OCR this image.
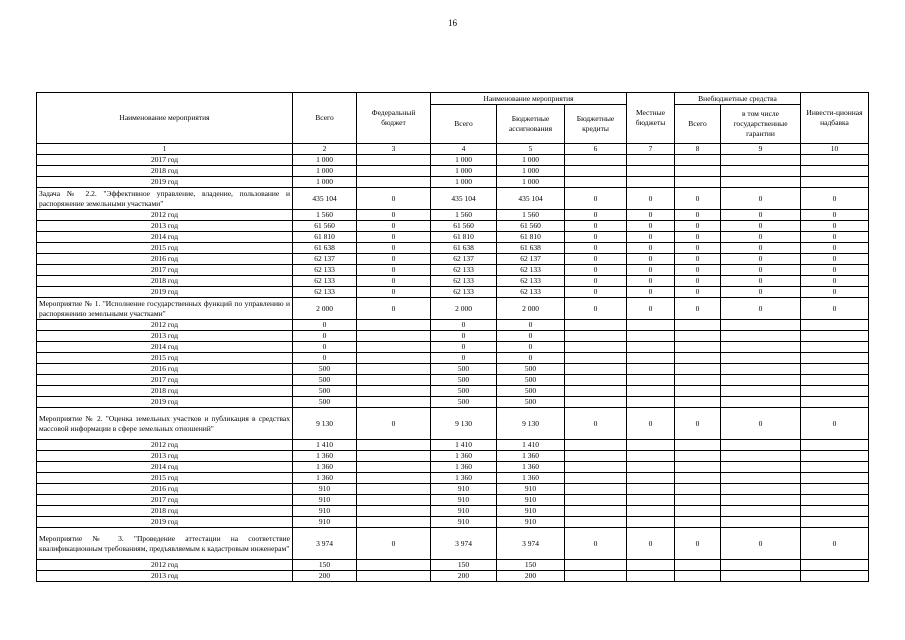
16
Наименование мероприятия	Всего	Федеральный бюджет	Наименование мероприятия			Местные бюджеты	Внебюджетные средства		Инвести-ционная надбавка
			Всего	Бюджетные ассигнования	Бюджетные кредиты		Всего	в том числе государственные гарантии	
1	2	3	4	5	6	7	8	9	10
2017 год	1 000		1 000	1 000					
2018 год	1 000		1 000	1 000					
2019 год	1 000		1 000	1 000					
Задача № 2.2. "Эффективное управление, владение, пользование и распоряжение земельными участками"	435 104	0	435 104	435 104	0	0	0	0	0
2012 год	1 560	0	1 560	1 560	0	0	0	0	0
2013 год	61 560	0	61 560	61 560	0	0	0	0	0
2014 год	61 810	0	61 810	61 810	0	0	0	0	0
2015 год	61 638	0	61 638	61 638	0	0	0	0	0
2016 год	62 137	0	62 137	62 137	0	0	0	0	0
2017 год	62 133	0	62 133	62 133	0	0	0	0	0
2018 год	62 133	0	62 133	62 133	0	0	0	0	0
2019 год	62 133	0	62 133	62 133	0	0	0	0	0
Мероприятие № 1. "Исполнение государственных функций по управлению и распоряжению земельными участками"	2 000	0	2 000	2 000	0	0	0	0	0
2012 год	0		0	0					
2013 год	0		0	0					
2014 год	0		0	0					
2015 год	0		0	0					
2016 год	500		500	500					
2017 год	500		500	500					
2018 год	500		500	500					
2019 год	500		500	500					
Мероприятие № 2. "Оценка земельных участков и публикация в средствах массовой информации в сфере земельных отношений"	9 130	0	9 130	9 130	0	0	0	0	0
2012 год	1 410		1 410	1 410					
2013 год	1 360		1 360	1 360					
2014 год	1 360		1 360	1 360					
2015 год	1 360		1 360	1 360					
2016 год	910		910	910					
2017 год	910		910	910					
2018 год	910		910	910					
2019 год	910		910	910					
Мероприятие № 3. "Проведение аттестации на соответствие квалификационным требованиям, предъявляемым к кадастровым инженерам"	3 974	0	3 974	3 974	0	0	0	0	0
2012 год	150		150	150					
2013 год	200		200	200					
